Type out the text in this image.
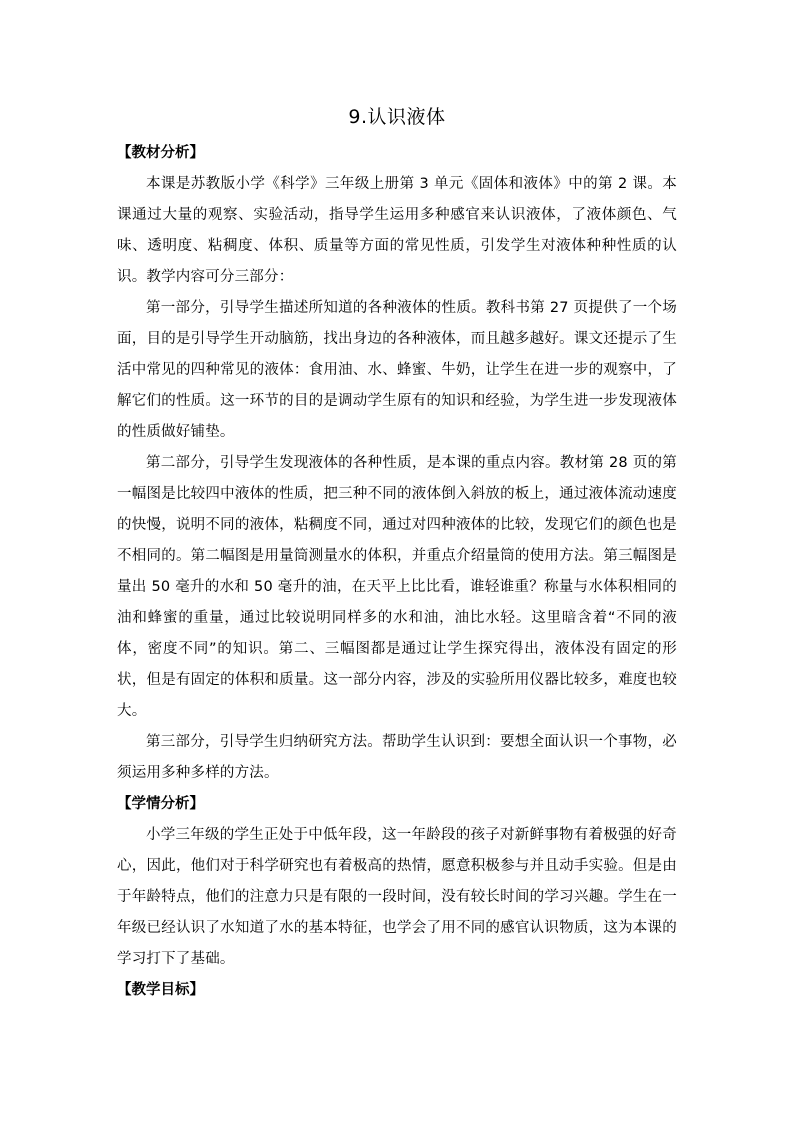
9.认识液体
【教材分析】

本课是苏教版小学《科学》三年级上册第 3 单元《固体和液体》中的第 2 课。本课通过大量的观察、实验活动，指导学生运用多种感官来认识液体，了液体颜色、气味、透明度、粘稠度、体积、质量等方面的常见性质，引发学生对液体种种性质的认识。教学内容可分三部分：

第一部分，引导学生描述所知道的各种液体的性质。教科书第 27 页提供了一个场面，目的是引导学生开动脑筋，找出身边的各种液体，而且越多越好。课文还提示了生活中常见的四种常见的液体：食用油、水、蜂蜜、牛奶，让学生在进一步的观察中，了解它们的性质。这一环节的目的是调动学生原有的知识和经验，为学生进一步发现液体的性质做好铺垫。

第二部分，引导学生发现液体的各种性质，是本课的重点内容。教材第 28 页的第一幅图是比较四中液体的性质，把三种不同的液体倒入斜放的板上，通过液体流动速度的快慢，说明不同的液体，粘稠度不同，通过对四种液体的比较，发现它们的颜色也是不相同的。第二幅图是用量筒测量水的体积，并重点介绍量筒的使用方法。第三幅图是量出 50 毫升的水和 50 毫升的油，在天平上比比看，谁轻谁重？称量与水体积相同的油和蜂蜜的重量，通过比较说明同样多的水和油，油比水轻。这里暗含着“不同的液体，密度不同”的知识。第二、三幅图都是通过让学生探究得出，液体没有固定的形状，但是有固定的体积和质量。这一部分内容，涉及的实验所用仪器比较多，难度也较大。

第三部分，引导学生归纳研究方法。帮助学生认识到：要想全面认识一个事物，必须运用多种多样的方法。

【学情分析】

小学三年级的学生正处于中低年段，这一年龄段的孩子对新鲜事物有着极强的好奇心，因此，他们对于科学研究也有着极高的热情，愿意积极参与并且动手实验。但是由于年龄特点，他们的注意力只是有限的一段时间，没有较长时间的学习兴趣。学生在一年级已经认识了水知道了水的基本特征，也学会了用不同的感官认识物质，这为本课的学习打下了基础。

【教学目标】
